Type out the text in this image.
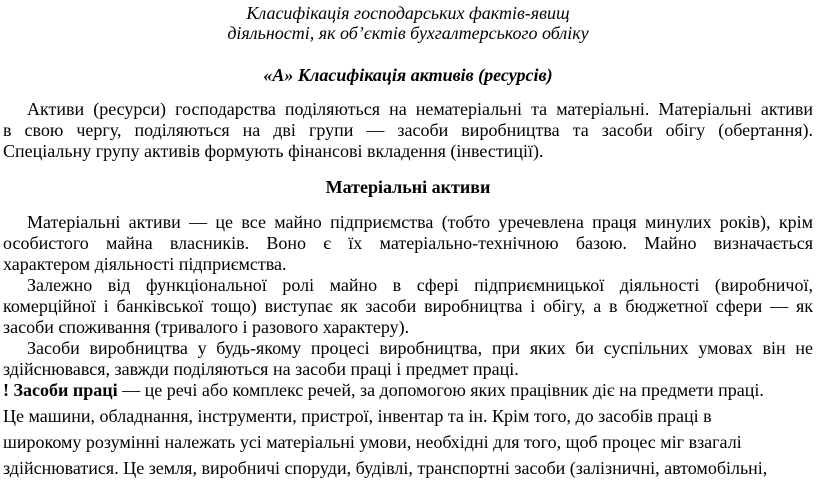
Класифікація господарських фактів-явищ
діяльності, як об’єктів бухгалтерського обліку
«А» Класифікація активів (ресурсів)
Активи (ресурси) господарства поділяються на нематеріальні та матеріальні. Матеріальні активи
в свою чергу, поділяються на дві групи — засоби виробництва та засоби обігу (обертання).
Спеціальну групу активів формують фінансові вкладення (інвестиції).
Матеріальні активи
Матеріальні активи — це все майно підприємства (тобто уречевлена праця минулих років), крім
особистого майна власників. Воно є їх матеріально-технічною базою. Майно визначається
характером діяльності підприємства.
Залежно від функціональної ролі майно в сфері підприємницької діяльності (виробничої,
комерційної і банківської тощо) виступає як засоби виробництва і обігу, а в бюджетної сфери — як
засоби споживання (тривалого і разового характеру).
Засоби виробництва у будь-якому процесі виробництва, при яких би суспільних умовах він не
здійснювався, завжди поділяються на засоби праці і предмет праці.
! Засоби праці — це речі або комплекс речей, за допомогою яких працівник діє на предмети праці.
Це машини, обладнання, інструменти, пристрої, інвентар та ін. Крім того, до засобів праці в
широкому розумінні належать усі матеріальні умови, необхідні для того, щоб процес міг взагалі
здійснюватися. Це земля, виробничі споруди, будівлі, транспортні засоби (залізничні, автомобільні,
